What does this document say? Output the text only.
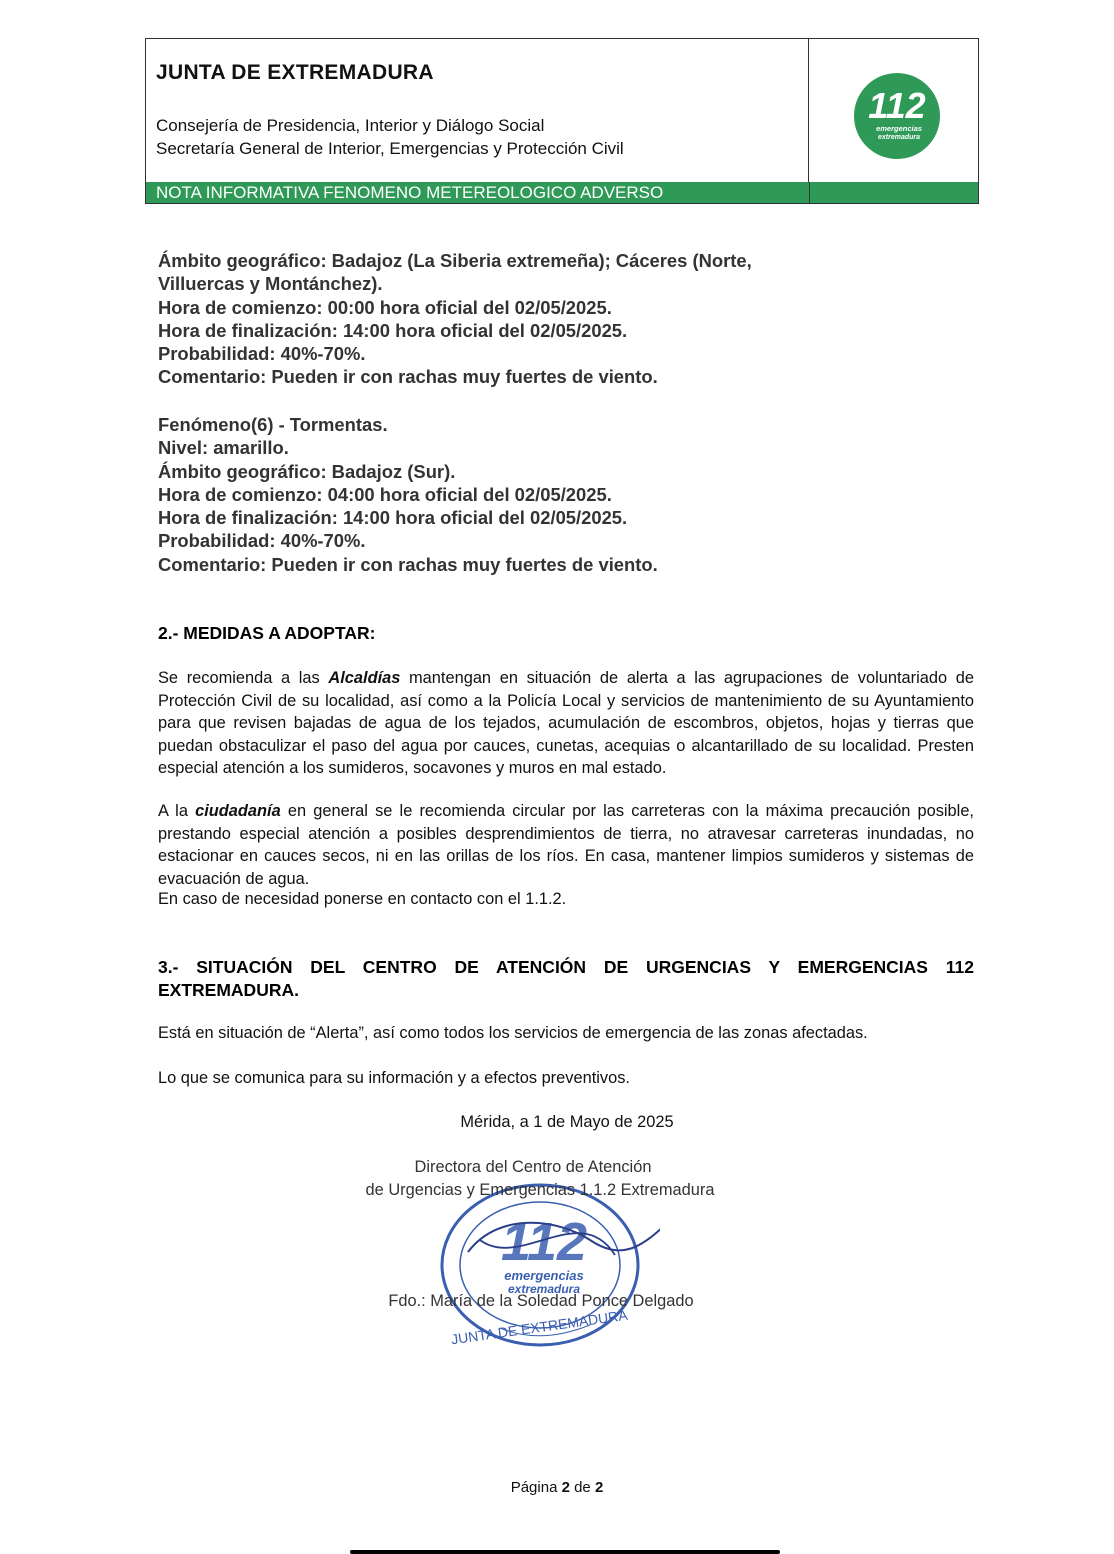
JUNTA DE EXTREMADURA
Consejería de Presidencia, Interior y Diálogo Social
Secretaría General de Interior, Emergencias y Protección Civil
112
emergencias
extremadura
NOTA INFORMATIVA FENOMENO METEREOLOGICO ADVERSO
Ámbito geográfico: Badajoz (La Siberia extremeña); Cáceres (Norte,
Villuercas y Montánchez).
Hora de comienzo: 00:00 hora oficial del 02/05/2025.
Hora de finalización: 14:00 hora oficial del 02/05/2025.
Probabilidad: 40%-70%.
Comentario: Pueden ir con rachas muy fuertes de viento.
Fenómeno(6) - Tormentas.
Nivel: amarillo.
Ámbito geográfico: Badajoz (Sur).
Hora de comienzo: 04:00 hora oficial del 02/05/2025.
Hora de finalización: 14:00 hora oficial del 02/05/2025.
Probabilidad: 40%-70%.
Comentario: Pueden ir con rachas muy fuertes de viento.
2.- MEDIDAS A ADOPTAR:
Se recomienda a las Alcaldías mantengan en situación de alerta a las agrupaciones de voluntariado de Protección Civil de su localidad, así como a la Policía Local y servicios de mantenimiento de su Ayuntamiento para que revisen bajadas de agua de los tejados, acumulación de escombros, objetos, hojas y tierras que puedan obstaculizar el paso del agua por cauces, cunetas, acequias o alcantarillado de su localidad. Presten especial atención a los sumideros, socavones y muros en mal estado.
A la ciudadanía en general se le recomienda circular por las carreteras con la máxima precaución posible, prestando especial atención a posibles desprendimientos de tierra, no atravesar carreteras inundadas, no estacionar en cauces secos, ni en las orillas de los ríos. En casa, mantener limpios sumideros y sistemas de evacuación de agua.
En caso de necesidad ponerse en contacto con el 1.1.2.
3.- SITUACIÓN DEL CENTRO DE ATENCIÓN DE URGENCIAS Y EMERGENCIAS 112
EXTREMADURA.
Está en situación de “Alerta”, así como todos los servicios de emergencia de las zonas afectadas.
Lo que se comunica para su información y a efectos preventivos.
Mérida, a 1 de Mayo de 2025
112
emergencias
extremadura
JUNTA DE EXTREMADURA
Directora del Centro de Atención
de Urgencias y Emergencias 1.1.2 Extremadura
Fdo.: María de la Soledad Ponce Delgado
Página 2 de 2
